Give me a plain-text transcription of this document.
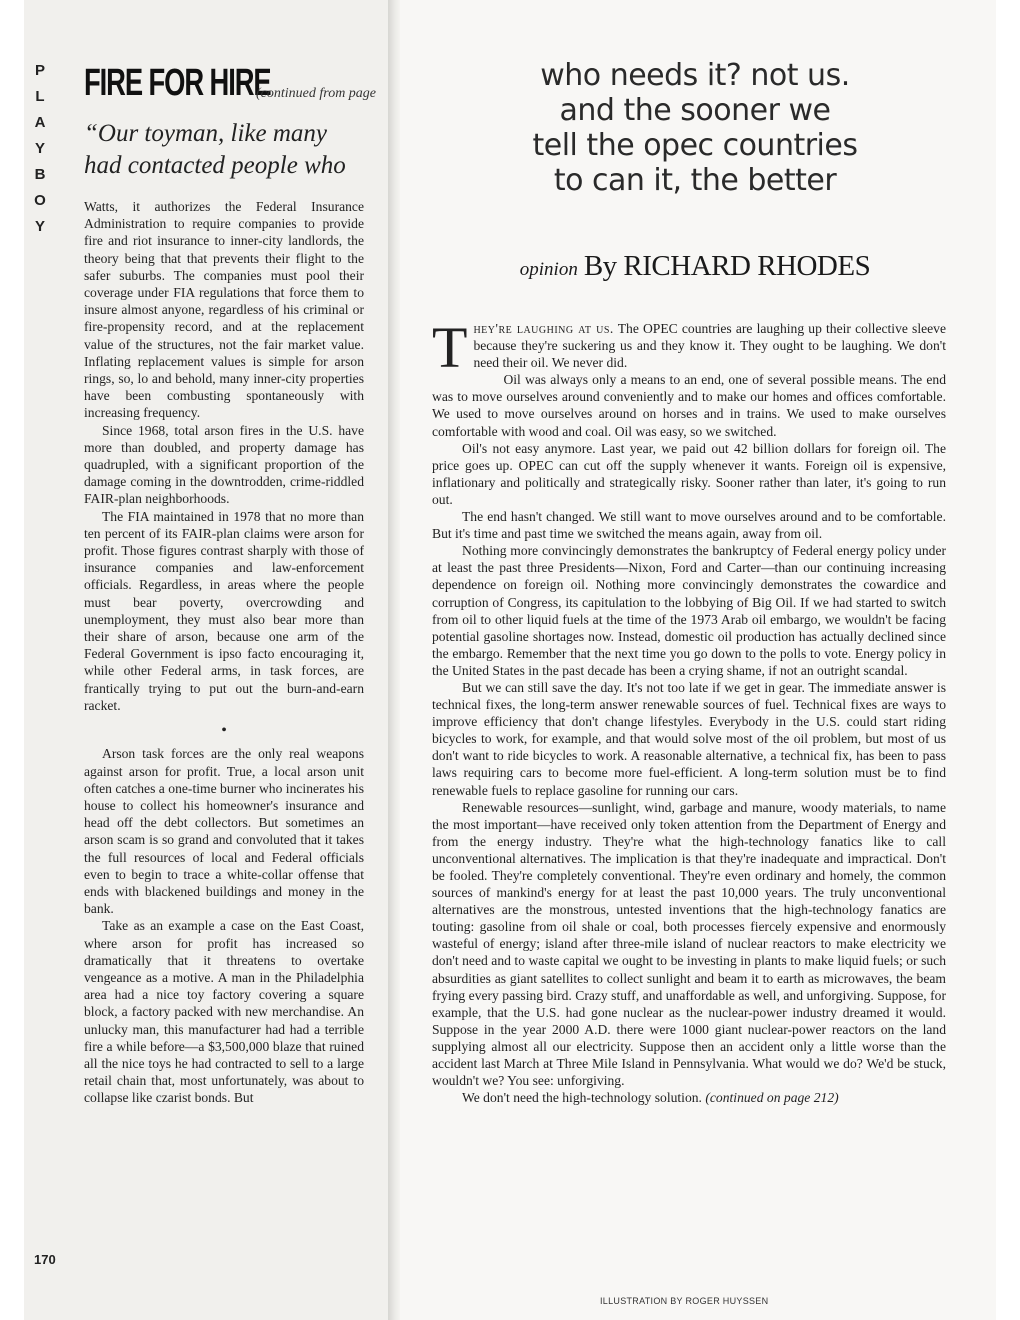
P
L
A
Y
B
O
Y
FIRE FOR HIRE
(continued from page
“Our toyman, like many
had contacted people who

Watts, it authorizes the Federal Insurance Administration to require companies to provide fire and riot insurance to inner-city landlords, the theory being that that prevents their flight to the safer suburbs. The companies must pool their coverage under FIA regulations that force them to insure almost anyone, regardless of his criminal or fire-propensity record, and at the replacement value of the structures, not the fair market value. Inflating replacement values is simple for arson rings, so, lo and behold, many inner-city properties have been combusting spontaneously with increasing frequency.

Since 1968, total arson fires in the U.S. have more than doubled, and property damage has quadrupled, with a significant proportion of the damage coming in the downtrodden, crime-riddled FAIR-plan neighborhoods.

The FIA maintained in 1978 that no more than ten percent of its FAIR-plan claims were arson for profit. Those figures contrast sharply with those of insurance companies and law-enforcement officials. Regardless, in areas where the people must bear poverty, overcrowding and unemployment, they must also bear more than their share of arson, because one arm of the Federal Government is ipso facto encouraging it, while other Federal arms, in task forces, are frantically trying to put out the burn-and-earn racket.

•

Arson task forces are the only real weapons against arson for profit. True, a local arson unit often catches a one-time burner who incinerates his house to collect his homeowner's insurance and head off the debt collectors. But sometimes an arson scam is so grand and convoluted that it takes the full resources of local and Federal officials even to begin to trace a white-collar offense that ends with blackened buildings and money in the bank.

Take as an example a case on the East Coast, where arson for profit has increased so dramatically that it threatens to overtake vengeance as a motive. A man in the Philadelphia area had a nice toy factory covering a square block, a factory packed with new merchandise. An unlucky man, this manufacturer had had a terrible fire a while before—a $3,500,000 blaze that ruined all the nice toys he had contracted to sell to a large retail chain that, most unfortunately, was about to collapse like czarist bonds. But

170
who needs it? not us.
and the sooner we
tell the opec countries
to can it, the better
opinion By RICHARD RHODES

They're laughing at us. The OPEC countries are laughing up their collective sleeve because they're suckering us and they know it. They ought to be laughing. We don't need their oil. We never did.

Oil was always only a means to an end, one of several possible means. The end was to move ourselves around conveniently and to make our homes and offices comfortable. We used to move ourselves around on horses and in trains. We used to make ourselves comfortable with wood and coal. Oil was easy, so we switched.

Oil's not easy anymore. Last year, we paid out 42 billion dollars for foreign oil. The price goes up. OPEC can cut off the supply whenever it wants. Foreign oil is expensive, inflationary and politically and strategically risky. Sooner rather than later, it's going to run out.

The end hasn't changed. We still want to move ourselves around and to be comfortable. But it's time and past time we switched the means again, away from oil.

Nothing more convincingly demonstrates the bankruptcy of Federal energy policy under at least the past three Presidents—Nixon, Ford and Carter—than our continuing increasing dependence on foreign oil. Nothing more convincingly demonstrates the cowardice and corruption of Congress, its capitulation to the lobbying of Big Oil. If we had started to switch from oil to other liquid fuels at the time of the 1973 Arab oil embargo, we wouldn't be facing potential gasoline shortages now. Instead, domestic oil production has actually declined since the embargo. Remember that the next time you go down to the polls to vote. Energy policy in the United States in the past decade has been a crying shame, if not an outright scandal.

But we can still save the day. It's not too late if we get in gear. The immediate answer is technical fixes, the long-term answer renewable sources of fuel. Technical fixes are ways to improve efficiency that don't change lifestyles. Everybody in the U.S. could start riding bicycles to work, for example, and that would solve most of the oil problem, but most of us don't want to ride bicycles to work. A reasonable alternative, a technical fix, has been to pass laws requiring cars to become more fuel-efficient. A long-term solution must be to find renewable fuels to replace gasoline for running our cars.

Renewable resources—sunlight, wind, garbage and manure, woody materials, to name the most important—have received only token attention from the Department of Energy and from the energy industry. They're what the high-technology fanatics like to call unconventional alternatives. The implication is that they're inadequate and impractical. Don't be fooled. They're completely conventional. They're even ordinary and homely, the common sources of mankind's energy for at least the past 10,000 years. The truly unconventional alternatives are the monstrous, untested inventions that the high-technology fanatics are touting: gasoline from oil shale or coal, both processes fiercely expensive and enormously wasteful of energy; island after three-mile island of nuclear reactors to make electricity we don't need and to waste capital we ought to be investing in plants to make liquid fuels; or such absurdities as giant satellites to collect sunlight and beam it to earth as microwaves, the beam frying every passing bird. Crazy stuff, and unaffordable as well, and unforgiving. Suppose, for example, that the U.S. had gone nuclear as the nuclear-power industry dreamed it would. Suppose in the year 2000 A.D. there were 1000 giant nuclear-power reactors on the land supplying almost all our electricity. Suppose then an accident only a little worse than the accident last March at Three Mile Island in Pennsylvania. What would we do? We'd be stuck, wouldn't we? You see: unforgiving.

We don't need the high-technology solution. (continued on page 212)

ILLUSTRATION BY ROGER HUYSSEN
